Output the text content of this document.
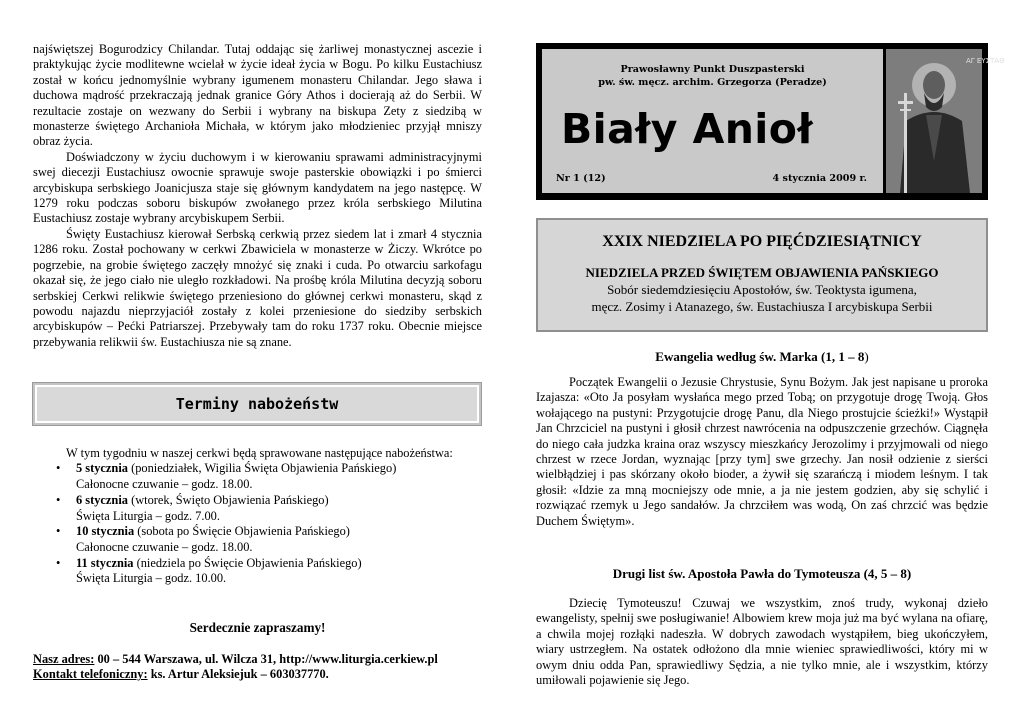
najświętszej Bogurodzicy Chilandar. Tutaj oddając się żarliwej monastycznej ascezie i praktykując życie modlitewne wcielał w życie ideał życia w Bogu. Po kilku Eustachiusz został w końcu jednomyślnie wybrany igumenem monasteru Chilandar. Jego sława i duchowa mądrość przekraczają jednak granice Góry Athos i docierają aż do Serbii. W rezultacie zostaje on wezwany do Serbii i wybrany na biskupa Zety z siedzibą w monasterze świętego Archanioła Michała, w którym jako młodzieniec przyjął mniszy obraz życia.

Doświadczony w życiu duchowym i w kierowaniu sprawami administracyjnymi swej diecezji Eustachiusz owocnie sprawuje swoje pasterskie obowiązki i po śmierci arcybiskupa serbskiego Joanicjusza staje się głównym kandydatem na jego następcę. W 1279 roku podczas soboru biskupów zwołanego przez króla serbskiego Milutina Eustachiusz zostaje wybrany arcybiskupem Serbii.

Święty Eustachiusz kierował Serbską cerkwią przez siedem lat i zmarł 4 stycznia 1286 roku. Został pochowany w cerkwi Zbawiciela w monasterze w Żiczy. Wkrótce po pogrzebie, na grobie świętego zaczęły mnożyć się znaki i cuda. Po otwarciu sarkofagu okazał się, że jego ciało nie uległo rozkładowi. Na prośbę króla Milutina decyzją soboru serbskiej Cerkwi relikwie świętego przeniesiono do głównej cerkwi monasteru, skąd z powodu najazdu nieprzyjaciół zostały z kolei przeniesione do siedziby serbskich arcybiskupów – Pećki Patriarszej. Przebywały tam do roku 1737 roku. Obecnie miejsce przebywania relikwii św. Eustachiusza nie są znane.

Terminy nabożeństw

W tym tygodniu w naszej cerkwi będą sprawowane następujące nabożeństwa:

• 5 stycznia (poniedziałek, Wigilia Święta Objawienia Pańskiego)
Całonocne czuwanie – godz. 18.00.
• 6 stycznia (wtorek, Święto Objawienia Pańskiego)
Święta Liturgia – godz. 7.00.
• 10 stycznia (sobota po Święcie Objawienia Pańskiego)
Całonocne czuwanie – godz. 18.00.
• 11 stycznia (niedziela po Święcie Objawienia Pańskiego)
Święta Liturgia – godz. 10.00.
Serdecznie zapraszamy!
Nasz adres: 00 – 544 Warszawa, ul. Wilcza 31, http://www.liturgia.cerkiew.pl
Kontakt telefoniczny: ks. Artur Aleksiejuk – 603037770.
Prawosławny Punkt Duszpasterski
pw. św. męcz. archim. Grzegorza (Peradze)
Biały Anioł
Nr 1 (12)	4 stycznia 2009 r.
ΑΓ ΕΥΣΤΑΘ
XXIX NIEDZIELA PO PIĘĆDZIESIĄTNICY
NIEDZIELA PRZED ŚWIĘTEM OBJAWIENIA PAŃSKIEGO
Sobór siedemdziesięciu Apostołów, św. Teoktysta igumena,
męcz. Zosimy i Atanazego, św. Eustachiusza I arcybiskupa Serbii
Ewangelia według św. Marka (1, 1 – 8)

Początek Ewangelii o Jezusie Chrystusie, Synu Bożym. Jak jest napisane u proroka Izajasza: «Oto Ja posyłam wysłańca mego przed Tobą; on przygotuje drogę Twoją. Głos wołającego na pustyni: Przygotujcie drogę Panu, dla Niego prostujcie ścieżki!» Wystąpił Jan Chrzciciel na pustyni i głosił chrzest nawrócenia na odpuszczenie grzechów. Ciągnęła do niego cała judzka kraina oraz wszyscy mieszkańcy Jerozolimy i przyjmowali od niego chrzest w rzece Jordan, wyznając [przy tym] swe grzechy. Jan nosił odzienie z sierści wielbłądziej i pas skórzany około bioder, a żywił się szarańczą i miodem leśnym. I tak głosił: «Idzie za mną mocniejszy ode mnie, a ja nie jestem godzien, aby się schylić i rozwiązać rzemyk u Jego sandałów. Ja chrzciłem was wodą, On zaś chrzcić was będzie Duchem Świętym».

Drugi list św. Apostoła Pawła do Tymoteusza (4, 5 – 8)

Dziecię Tymoteuszu! Czuwaj we wszystkim, znoś trudy, wykonaj dzieło ewangelisty, spełnij swe posługiwanie! Albowiem krew moja już ma być wylana na ofiarę, a chwila mojej rozłąki nadeszła. W dobrych zawodach wystąpiłem, bieg ukończyłem, wiary ustrzegłem. Na ostatek odłożono dla mnie wieniec sprawiedliwości, który mi w owym dniu odda Pan, sprawiedliwy Sędzia, a nie tylko mnie, ale i wszystkim, którzy umiłowali pojawienie się Jego.
